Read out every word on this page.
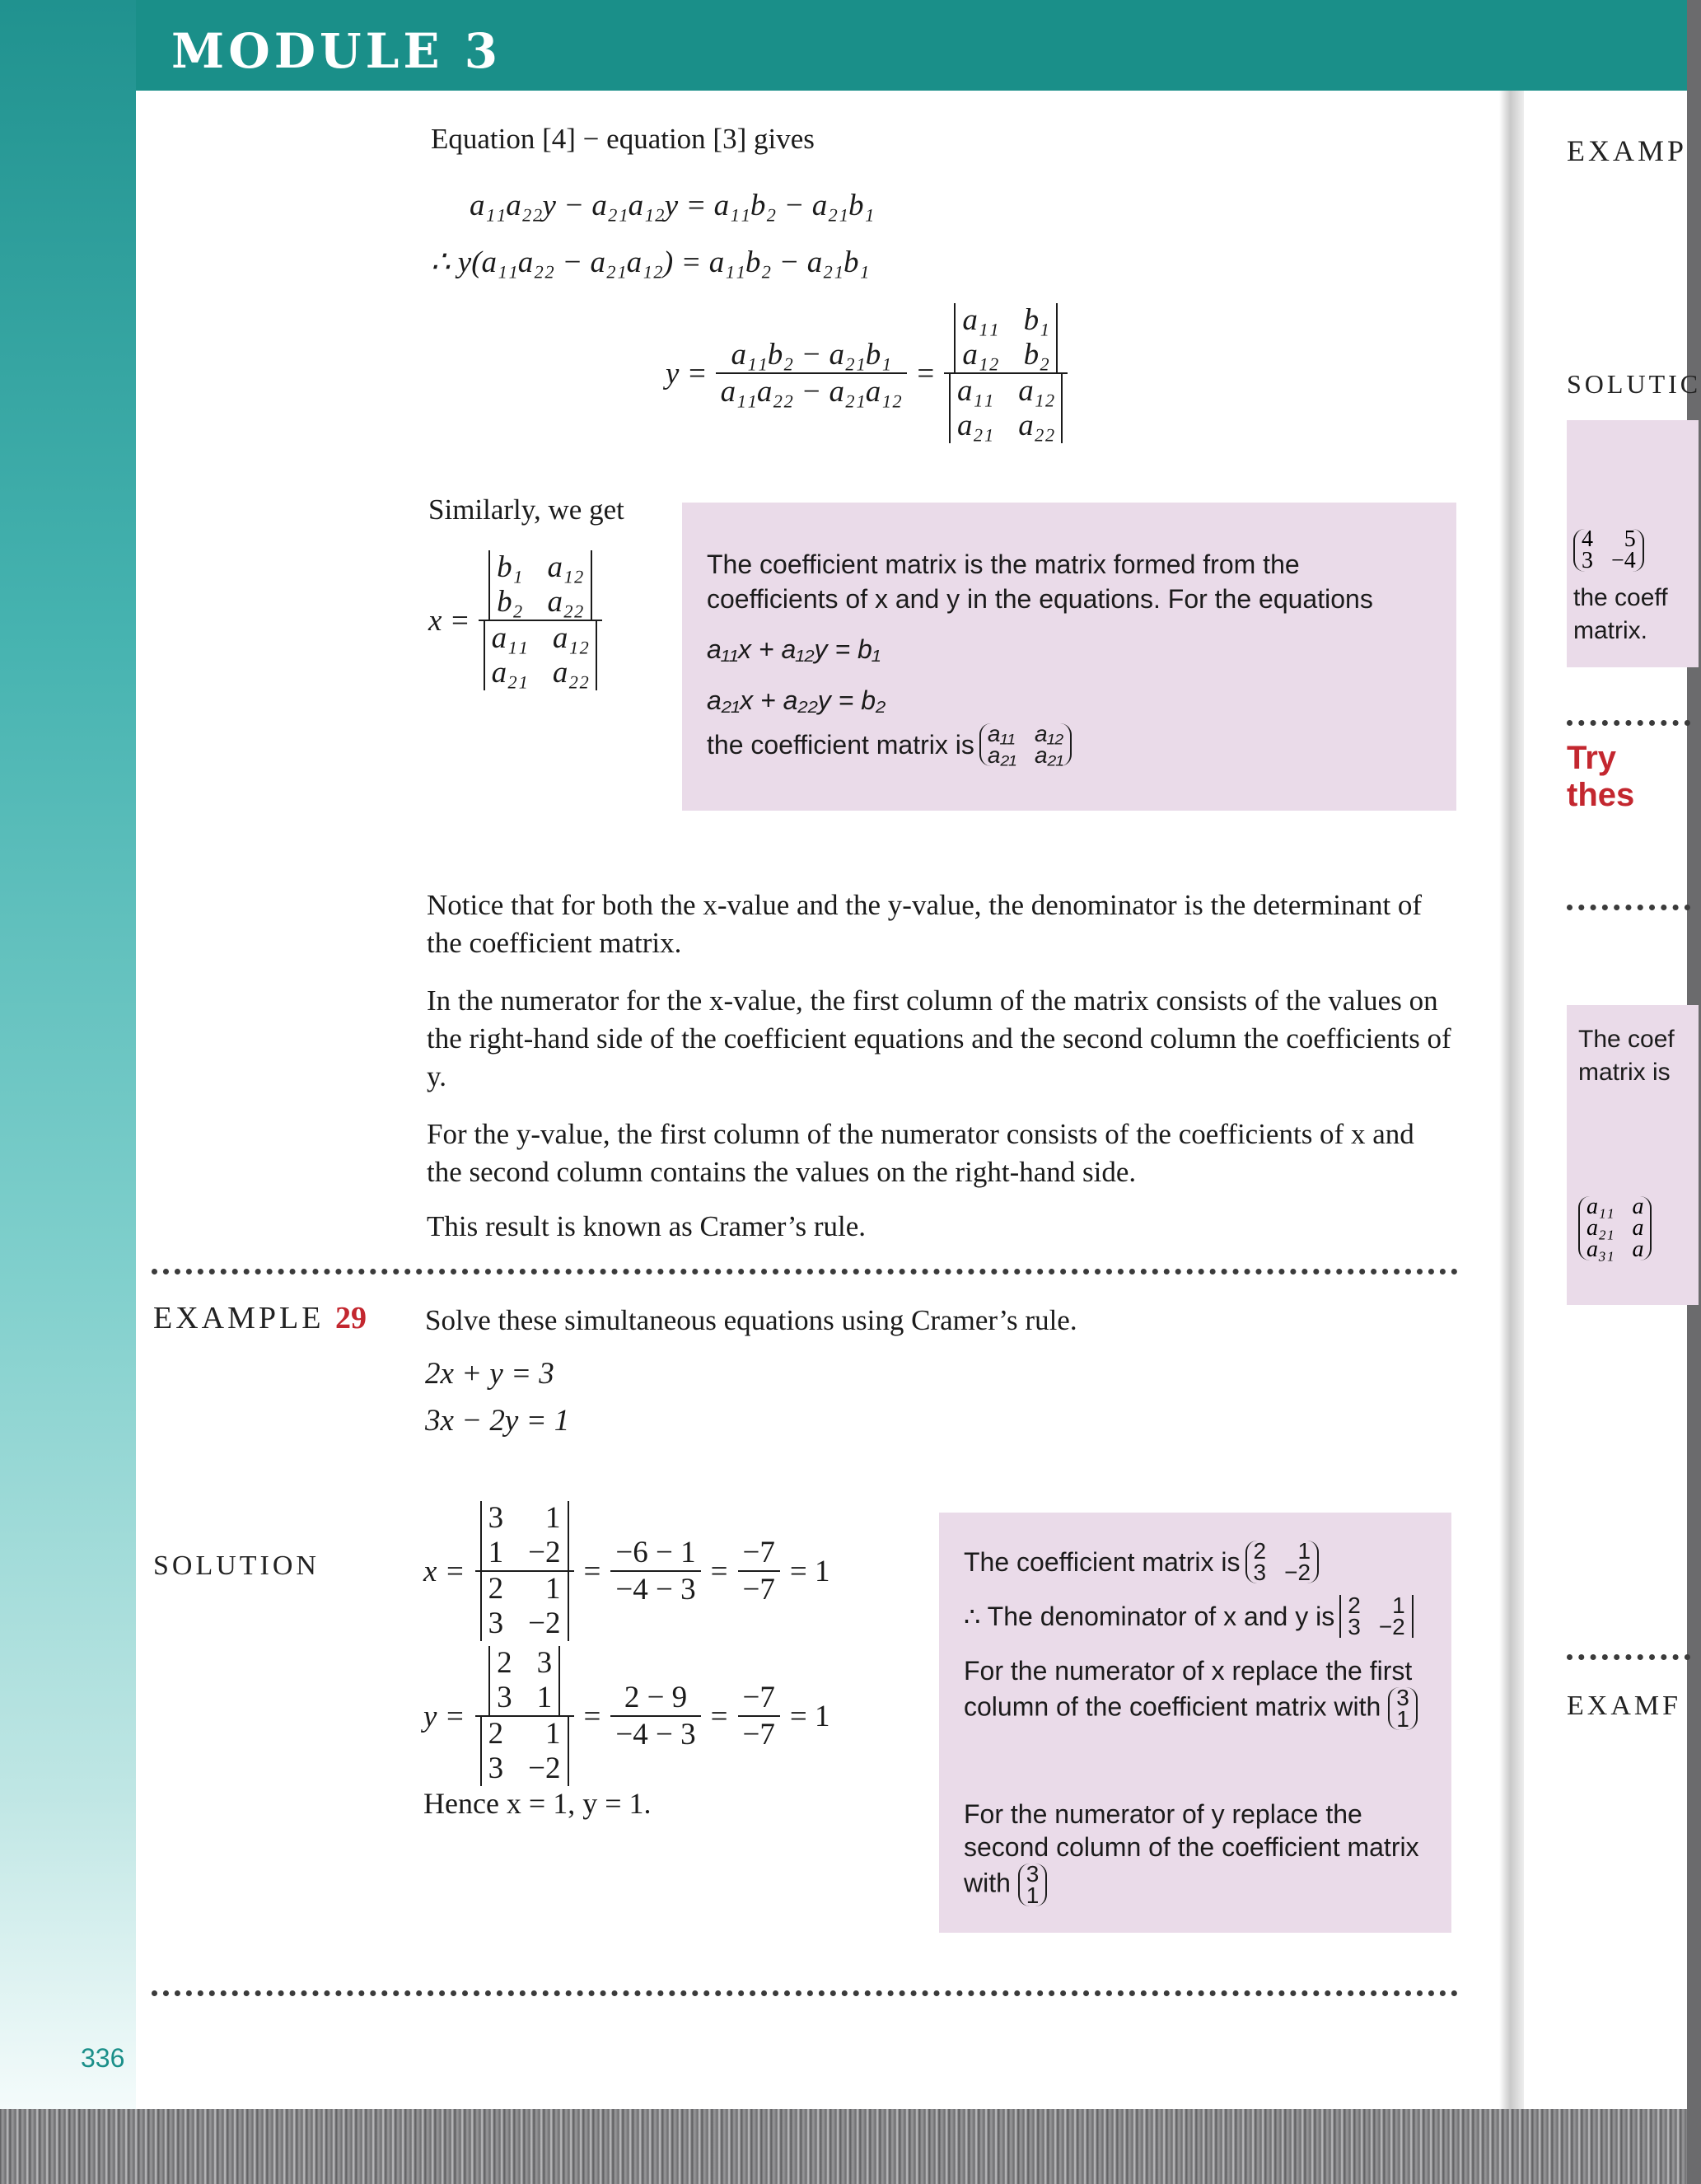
MODULE 3
Equation [4] − equation [3] gives
a₁₁a₂₂y − a₂₁a₁₂y = a₁₁b₂ − a₂₁b₁
∴ y(a₁₁a₂₂ − a₂₁a₁₂) = a₁₁b₂ − a₂₁b₁
$y = \frac{\text{a₁₁b₂ − a₂₁b₁}}{\text{a₁₁a₂₂ − a₂₁a₁₂}} = a_{11}$ b₁
a₁₂ b₂
a₁₁ a₁₂
a₂₁ a₂₂
Similarly, we get
x = b₁ a₁₂
b₂ a₂₂
a₁₁ a₁₂
a₂₁ a₂₂	The coefficient matrix is the matrix formed from the coefficients of x and y in the equations. For the equations
a₁₁x + a₁₂y = b₁
a₂₁x + a₂₂y = b₂
the coefficient matrix is a₁₁ a₁₂
a₂₁ a₂₁
Notice that for both the x-value and the y-value, the denominator is the determinant of the coefficient matrix.
In the numerator for the x-value, the first column of the matrix consists of the values on the right-hand side of the coefficient equations and the second column the coefficients of y.
For the y-value, the first column of the numerator consists of the coefficients of x and the second column contains the values on the right-hand side.
This result is known as Cramer’s rule.
EXAMPLE 29 Solve these simultaneous equations using Cramer’s rule.
2x + y = 3
3x − 2y = 1
SOLUTION	x = 3 1
1 −2
2 1
$3 -2 = \frac{-6 - 1}{-4 - 3} = \frac{-7}{-7} = 1$
y = 2 3
3 1
2 1
$3 -2 = \frac{2 - 9}{-4 - 3} = \frac{-7}{-7} = 1$
Hence x = 1, y = 1.
The coefficient matrix is 2 1
3 −2
∴ The denominator of x and y is 2 1
3 −2
For the numerator of x replace the first column of the coefficient matrix with 3
1
For the numerator of y replace the second column of the coefficient matrix with 3
1
336
EXAMP
SOLUTIC
4 5
3 −4
the coeff matrix.
Try thes
The coef matrix is
a₁₁ a
a₂₁ a
a₃₁ a
EXAMF
